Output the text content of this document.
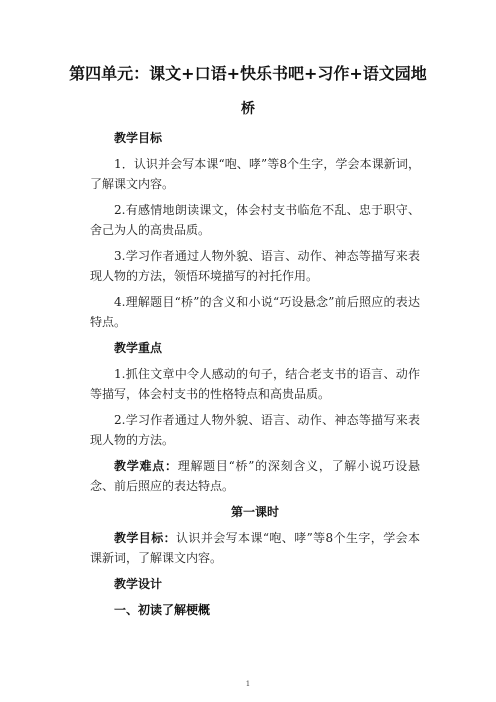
第四单元：课文+口语+快乐书吧+习作+语文园地
桥

教学目标

1．认识并会写本课“咆、哮”等8个生字，学会本课新词，了解课文内容。

2.有感情地朗读课文，体会村支书临危不乱、忠于职守、舍己为人的高贵品质。

3.学习作者通过人物外貌、语言、动作、神态等描写来表现人物的方法，领悟环境描写的衬托作用。

4.理解题目“桥”的含义和小说“巧设悬念”前后照应的表达特点。

教学重点

1.抓住文章中令人感动的句子，结合老支书的语言、动作等描写，体会村支书的性格特点和高贵品质。

2.学习作者通过人物外貌、语言、动作、神态等描写来表现人物的方法。

教学难点：理解题目“桥”的深刻含义，了解小说巧设悬念、前后照应的表达特点。

第一课时

教学目标：认识并会写本课“咆、哮”等8个生字，学会本课新词，了解课文内容。

教学设计

一、初读了解梗概

1
